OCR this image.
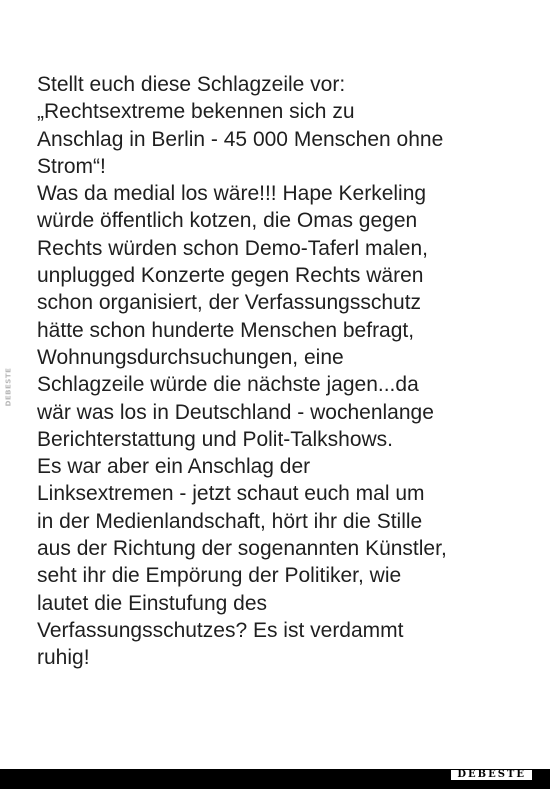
Stellt euch diese Schlagzeile vor:
„Rechtsextreme bekennen sich zu
Anschlag in Berlin - 45 000 Menschen ohne
Strom“!
Was da medial los wäre!!! Hape Kerkeling
würde öffentlich kotzen, die Omas gegen
Rechts würden schon Demo-Taferl malen,
unplugged Konzerte gegen Rechts wären
schon organisiert, der Verfassungsschutz
hätte schon hunderte Menschen befragt,
Wohnungsdurchsuchungen, eine
Schlagzeile würde die nächste jagen...da
wär was los in Deutschland - wochenlange
Berichterstattung und Polit-Talkshows.
Es war aber ein Anschlag der
Linksextremen - jetzt schaut euch mal um
in der Medienlandschaft, hört ihr die Stille
aus der Richtung der sogenannten Künstler,
seht ihr die Empörung der Politiker, wie
lautet die Einstufung des
Verfassungsschutzes? Es ist verdammt
ruhig!
DEBESTE
DEBESTE
